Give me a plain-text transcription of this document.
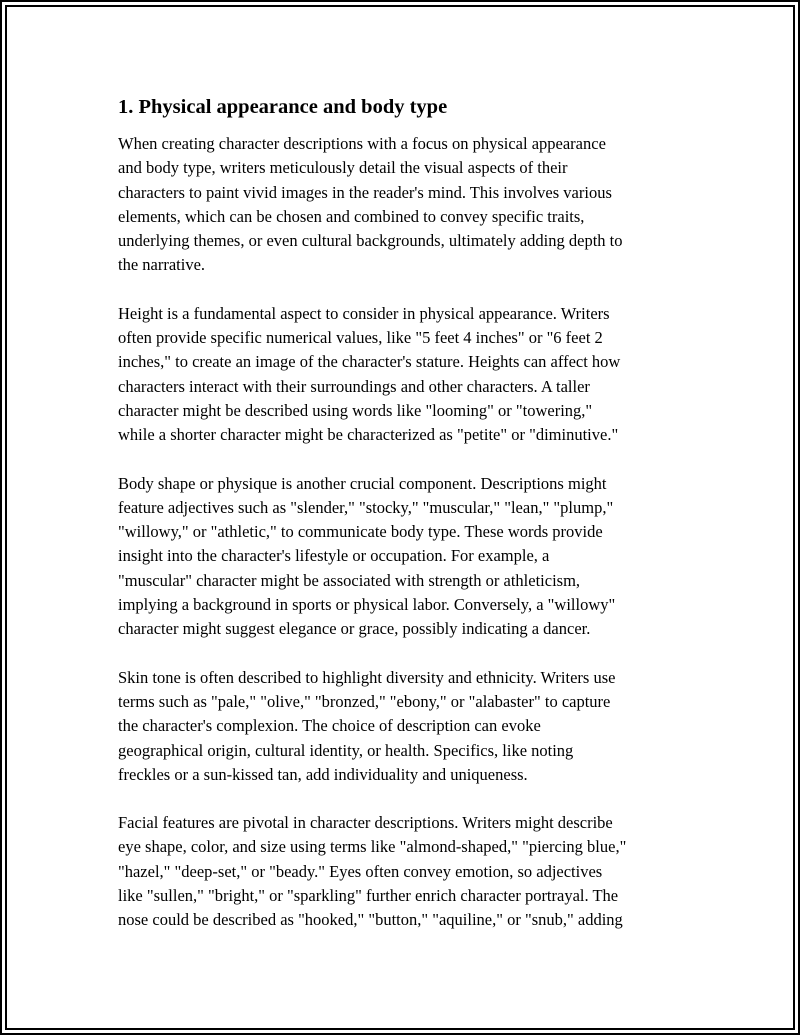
1. Physical appearance and body type

When creating character descriptions with a focus on physical appearance
and body type, writers meticulously detail the visual aspects of their
characters to paint vivid images in the reader's mind. This involves various
elements, which can be chosen and combined to convey specific traits,
underlying themes, or even cultural backgrounds, ultimately adding depth to
the narrative.

Height is a fundamental aspect to consider in physical appearance. Writers
often provide specific numerical values, like "5 feet 4 inches" or "6 feet 2
inches," to create an image of the character's stature. Heights can affect how
characters interact with their surroundings and other characters. A taller
character might be described using words like "looming" or "towering,"
while a shorter character might be characterized as "petite" or "diminutive."

Body shape or physique is another crucial component. Descriptions might
feature adjectives such as "slender," "stocky," "muscular," "lean," "plump,"
"willowy," or "athletic," to communicate body type. These words provide
insight into the character's lifestyle or occupation. For example, a
"muscular" character might be associated with strength or athleticism,
implying a background in sports or physical labor. Conversely, a "willowy"
character might suggest elegance or grace, possibly indicating a dancer.

Skin tone is often described to highlight diversity and ethnicity. Writers use
terms such as "pale," "olive," "bronzed," "ebony," or "alabaster" to capture
the character's complexion. The choice of description can evoke
geographical origin, cultural identity, or health. Specifics, like noting
freckles or a sun-kissed tan, add individuality and uniqueness.

Facial features are pivotal in character descriptions. Writers might describe
eye shape, color, and size using terms like "almond-shaped," "piercing blue,"
"hazel," "deep-set," or "beady." Eyes often convey emotion, so adjectives
like "sullen," "bright," or "sparkling" further enrich character portrayal. The
nose could be described as "hooked," "button," "aquiline," or "snub," adding
